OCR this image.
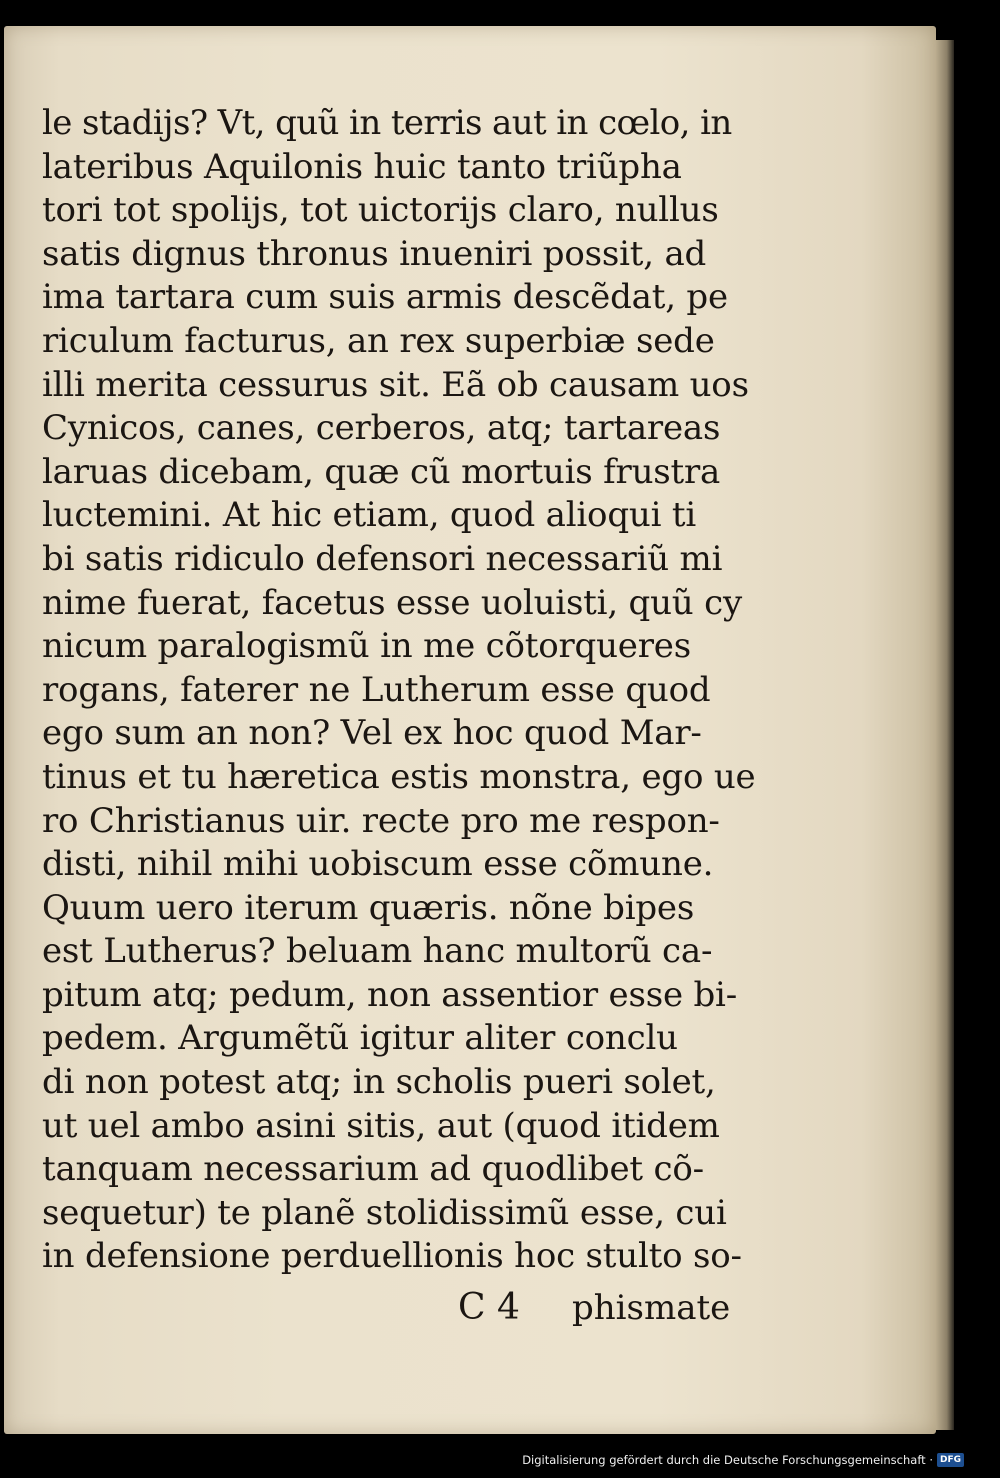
le stadijs? Vt, quũ in terris aut in cœlo, in
lateribus Aquilonis huic tanto triũpha
tori tot spolijs, tot uictorijs claro, nullus
satis dignus thronus inueniri possit, ad
ima tartara cum suis armis descẽdat, pe
riculum facturus, an rex superbiæ sede
illi merita cessurus sit. Eã ob causam uos
Cynicos, canes, cerberos, atq; tartareas
laruas dicebam, quæ cũ mortuis frustra
luctemini. At hic etiam, quod alioqui ti
bi satis ridiculo defensori necessariũ mi
nime fuerat, facetus esse uoluisti, quũ cy
nicum paralogismũ in me cõtorqueres
rogans, faterer ne Lutherum esse quod
ego sum an non? Vel ex hoc quod Mar-
tinus et tu hæretica estis monstra, ego ue
ro Christianus uir. recte pro me respon-
disti, nihil mihi uobiscum esse cõmune.
Quum uero iterum quæris. nõne bipes
est Lutherus? beluam hanc multorũ ca-
pitum atq; pedum, non assentior esse bi-
pedem. Argumẽtũ igitur aliter conclu
di non potest atq; in scholis pueri solet,
ut uel ambo asini sitis, aut (quod itidem
tanquam necessarium ad quodlibet cõ-
sequetur) te planẽ stolidissimũ esse, cui
in defensione perduellionis hoc stulto so-
C 4 phismate
Digitalisierung gefördert durch die Deutsche Forschungsgemeinschaft · DFG
